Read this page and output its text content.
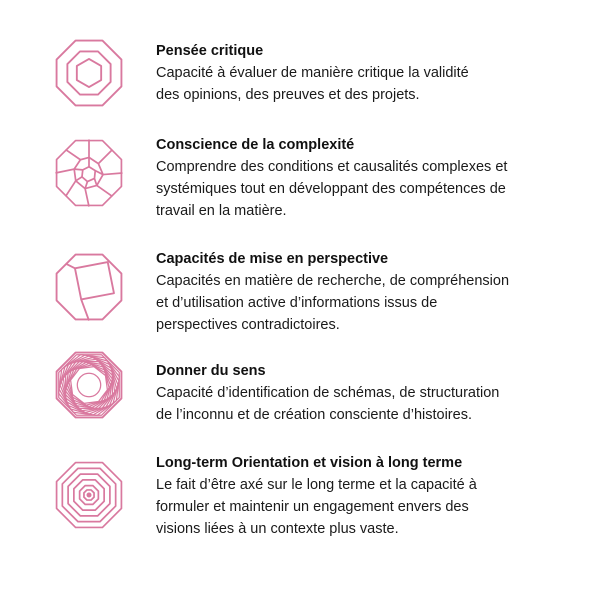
Pensée critique

Capacité à évaluer de manière critique la validité
des opinions, des preuves et des projets.

Conscience de la complexité

Comprendre des conditions et causalités complexes et
systémiques tout en développant des compétences de
travail en la matière.

Capacités de mise en perspective

Capacités en matière de recherche, de compréhension
et d’utilisation active d’informations issus de
perspectives contradictoires.

Donner du sens

Capacité d’identification de schémas, de structuration
de l’inconnu et de création consciente d’histoires.

Long-term Orientation et vision à long terme

Le fait d’être axé sur le long terme et la capacité à
formuler et maintenir un engagement envers des
visions liées à un contexte plus vaste.
